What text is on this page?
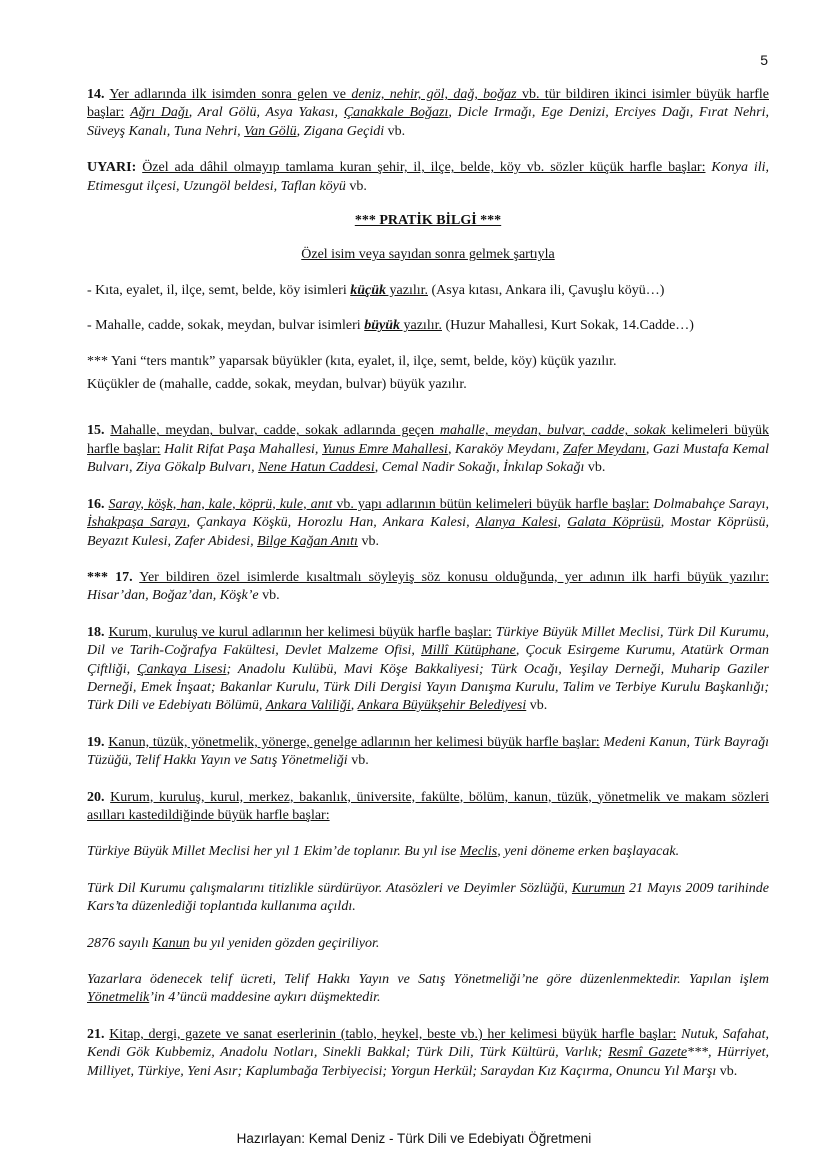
5

14. Yer adlarında ilk isimden sonra gelen ve deniz, nehir, göl, dağ, boğaz vb. tür bildiren ikinci isimler büyük harfle başlar: Ağrı Dağı, Aral Gölü, Asya Yakası, Çanakkale Boğazı, Dicle Irmağı, Ege Denizi, Erciyes Dağı, Fırat Nehri, Süveyş Kanalı, Tuna Nehri, Van Gölü, Zigana Geçidi vb.

UYARI: Özel ada dâhil olmayıp tamlama kuran şehir, il, ilçe, belde, köy vb. sözler küçük harfle başlar: Konya ili, Etimesgut ilçesi, Uzungöl beldesi, Taflan köyü vb.

*** PRATİK BİLGİ ***

Özel isim veya sayıdan sonra gelmek şartıyla

- Kıta, eyalet, il, ilçe, semt, belde, köy isimleri küçük yazılır. (Asya kıtası, Ankara ili, Çavuşlu köyü…)

- Mahalle, cadde, sokak, meydan, bulvar isimleri büyük yazılır. (Huzur Mahallesi, Kurt Sokak, 14.Cadde…)

*** Yani “ters mantık” yaparsak büyükler (kıta, eyalet, il, ilçe, semt, belde, köy) küçük yazılır.

Küçükler de (mahalle, cadde, sokak, meydan, bulvar) büyük yazılır.

15. Mahalle, meydan, bulvar, cadde, sokak adlarında geçen mahalle, meydan, bulvar, cadde, sokak kelimeleri büyük harfle başlar: Halit Rifat Paşa Mahallesi, Yunus Emre Mahallesi, Karaköy Meydanı, Zafer Meydanı, Gazi Mustafa Kemal Bulvarı, Ziya Gökalp Bulvarı, Nene Hatun Caddesi, Cemal Nadir Sokağı, İnkılap Sokağı vb.

16. Saray, köşk, han, kale, köprü, kule, anıt vb. yapı adlarının bütün kelimeleri büyük harfle başlar: Dolmabahçe Sarayı, İshakpaşa Sarayı, Çankaya Köşkü, Horozlu Han, Ankara Kalesi, Alanya Kalesi, Galata Köprüsü, Mostar Köprüsü, Beyazıt Kulesi, Zafer Abidesi, Bilge Kağan Anıtı vb.

*** 17. Yer bildiren özel isimlerde kısaltmalı söyleyiş söz konusu olduğunda, yer adının ilk harfi büyük yazılır: Hisar’dan, Boğaz’dan, Köşk’e vb.

18. Kurum, kuruluş ve kurul adlarının her kelimesi büyük harfle başlar: Türkiye Büyük Millet Meclisi, Türk Dil Kurumu, Dil ve Tarih-Coğrafya Fakültesi, Devlet Malzeme Ofisi, Millî Kütüphane, Çocuk Esirgeme Kurumu, Atatürk Orman Çiftliği, Çankaya Lisesi; Anadolu Kulübü, Mavi Köşe Bakkaliyesi; Türk Ocağı, Yeşilay Derneği, Muharip Gaziler Derneği, Emek İnşaat; Bakanlar Kurulu, Türk Dili Dergisi Yayın Danışma Kurulu, Talim ve Terbiye Kurulu Başkanlığı; Türk Dili ve Edebiyatı Bölümü, Ankara Valiliği, Ankara Büyükşehir Belediyesi vb.

19. Kanun, tüzük, yönetmelik, yönerge, genelge adlarının her kelimesi büyük harfle başlar: Medeni Kanun, Türk Bayrağı Tüzüğü, Telif Hakkı Yayın ve Satış Yönetmeliği vb.

20. Kurum, kuruluş, kurul, merkez, bakanlık, üniversite, fakülte, bölüm, kanun, tüzük, yönetmelik ve makam sözleri asılları kastedildiğinde büyük harfle başlar:

Türkiye Büyük Millet Meclisi her yıl 1 Ekim’de toplanır. Bu yıl ise Meclis, yeni döneme erken başlayacak.

Türk Dil Kurumu çalışmalarını titizlikle sürdürüyor. Atasözleri ve Deyimler Sözlüğü, Kurumun 21 Mayıs 2009 tarihinde Kars’ta düzenlediği toplantıda kullanıma açıldı.

2876 sayılı Kanun bu yıl yeniden gözden geçiriliyor.

Yazarlara ödenecek telif ücreti, Telif Hakkı Yayın ve Satış Yönetmeliği’ne göre düzenlenmektedir. Yapılan işlem Yönetmelik’in 4’üncü maddesine aykırı düşmektedir.

21. Kitap, dergi, gazete ve sanat eserlerinin (tablo, heykel, beste vb.) her kelimesi büyük harfle başlar: Nutuk, Safahat, Kendi Gök Kubbemiz, Anadolu Notları, Sinekli Bakkal; Türk Dili, Türk Kültürü, Varlık; Resmî Gazete***, Hürriyet, Milliyet, Türkiye, Yeni Asır; Kaplumbağa Terbiyecisi; Yorgun Herkül; Saraydan Kız Kaçırma, Onuncu Yıl Marşı vb.

Hazırlayan: Kemal Deniz - Türk Dili ve Edebiyatı Öğretmeni
